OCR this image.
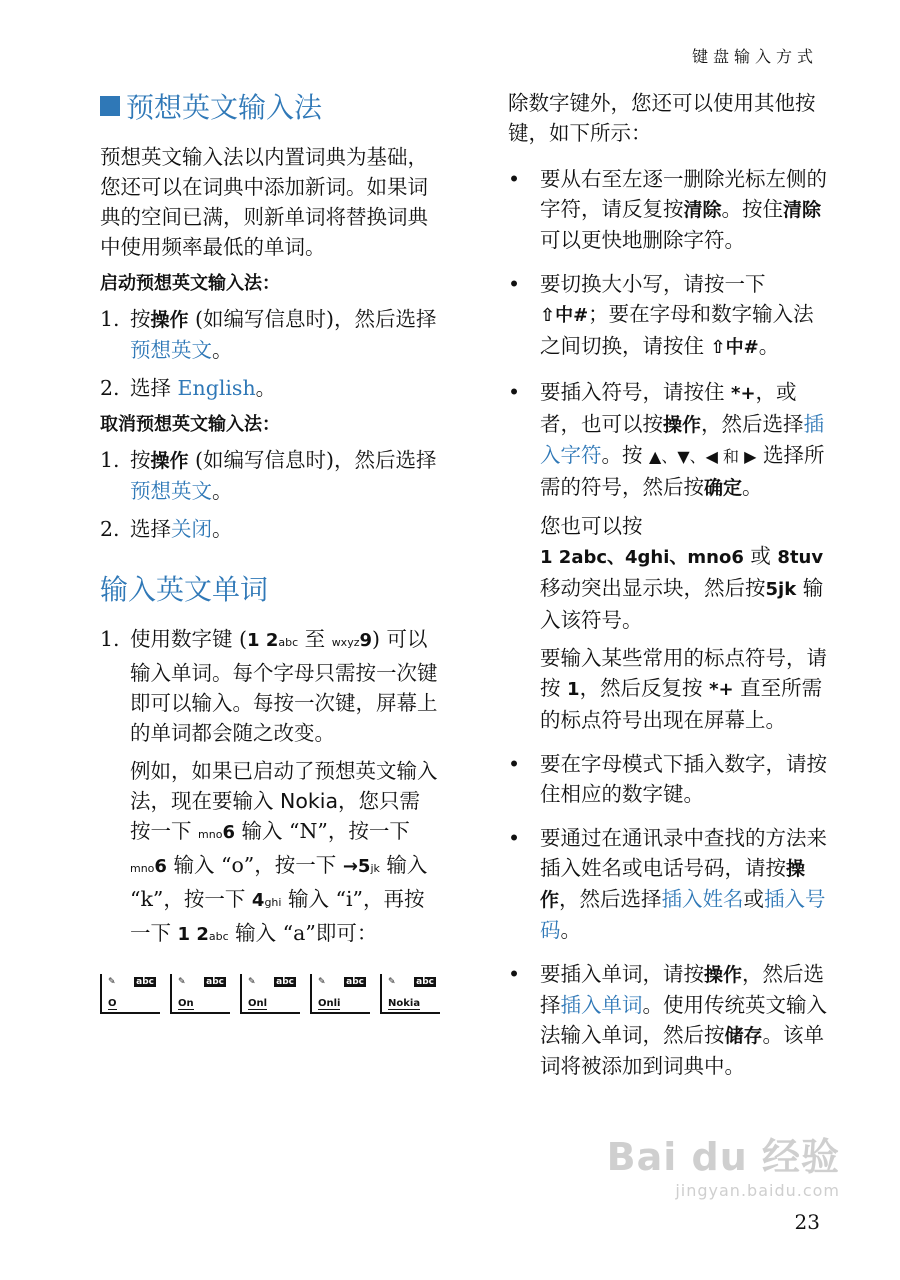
键盘输入方式
预想英文输入法

预想英文输入法以内置词典为基础，您还可以在词典中添加新词。如果词典的空间已满，则新单词将替换词典中使用频率最低的单词。

启动预想英文输入法：
1. 按操作 (如编写信息时)，然后选择预想英文。
2. 选择 English。
取消预想英文输入法：
1. 按操作 (如编写信息时)，然后选择预想英文。
2. 选择关闭。
输入英文单词
1. 使用数字键 (1 2abc 至 wxyz9) 可以输入单词。每个字母只需按一次键即可以输入。每按一次键，屏幕上的单词都会随之改变。
例如，如果已启动了预想英文输入法，现在要输入 Nokia，您只需按一下 mno6 输入 “N”，按一下 mno6 输入 “o”，按一下 →5jk 输入 “k”，按一下 4ghi 输入 “i”，再按一下 1 2abc 输入 “a”即可：
✎ abc
O
✎ abc
On
✎ abc
Onl
✎ abc
Onli
✎ abc
Nokia

除数字键外，您还可以使用其他按键，如下所示：

• 要从右至左逐一删除光标左侧的字符，请反复按清除。按住清除可以更快地删除字符。
• 要切换大小写，请按一下 ⇧中#；要在字母和数字输入法之间切换，请按住 ⇧中#。
• 要插入符号，请按住 *+，或者，也可以按操作，然后选择插入字符。按 ▲、▼、◀ 和 ▶ 选择所需的符号，然后按确定。
您也可以按1 2abc、4ghi、mno6 或 8tuv 移动突出显示块，然后按5jk 输入该符号。
要输入某些常用的标点符号，请按 1，然后反复按 *+ 直至所需的标点符号出现在屏幕上。
• 要在字母模式下插入数字，请按住相应的数字键。
• 要通过在通讯录中查找的方法来插入姓名或电话号码，请按操作，然后选择插入姓名或插入号码。
• 要插入单词，请按操作，然后选择插入单词。使用传统英文输入法输入单词，然后按储存。该单词将被添加到词典中。
Bai du 经验
jingyan.baidu.com
23
